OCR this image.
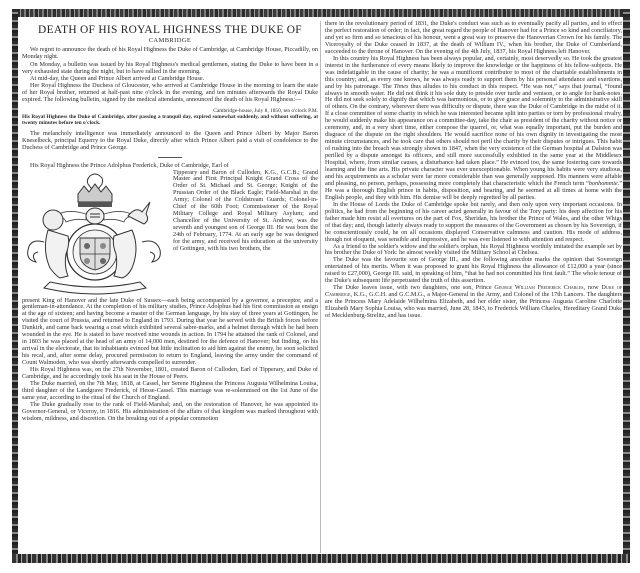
DEATH OF HIS ROYAL HIGHNESS THE DUKE OF
CAMBRIDGE

We regret to announce the death of his Royal Highness the Duke of Cambridge, at Cambridge House, Piccadilly, on Monday night.

On Monday, a bulletin was issued by his Royal Highness's medical gentlemen, stating the Duke to have been in a very exhausted state during the night, but to have rallied in the morning.

At mid-day, the Queen and Prince Albert arrived at Cambridge House.

Her Royal Highness the Duchess of Gloucester, who arrived at Cambridge House in the morning to learn the state of her Royal brother, returned at half-past nine o'clock in the evening, and ten minutes afterwards the Royal Duke expired. The following bulletin, signed by the medical attendants, announced the death of his Royal Highness:—

Cambridge-house, July 8, 1850, ten o'clock P.M.
His Royal Highness the Duke of Cambridge, after passing a tranquil day, expired somewhat suddenly, and without suffering, at twenty minutes before ten o'clock.

The melancholy intelligence was immediately announced to the Queen and Prince Albert by Major Baron Kneselbeck, principal Equerry to the Royal Duke, directly after which Prince Albert paid a visit of condolence to the Duchess of Cambridge and Prince George.

His Royal Highness the Prince Adolphus Frederick, Duke of Cambridge, Earl of

Tipperary and Baron of Culloden, K.G., G.C.B.; Grand Master and First Principal Knight Grand Cross of the Order of St. Michael and St. George; Knight of the Prussian Order of the Black Eagle; Field-Marshal in the Army; Colonel of the Coldstream Guards; Colonel-in-Chief of the 60th Foot; Commissioner of the Royal Military College and Royal Military Asylum; and Chancellor of the University of St. Andrew, was the seventh and youngest son of George III. He was born the 24th of February, 1774. At an early age he was designed for the army, and received his education at the university of Gottingen, with his two brothers, the

present King of Hanover and the late Duke of Sussex—each being accompanied by a governor, a preceptor, and a gentleman-in-attendance. At the completion of his military studies, Prince Adolphus had his first commission as ensign at the age of sixteen; and having become a master of the German language, by his stay of three years at Gottingen, he visited the court of Prussia, and returned to England in 1793. During that year he served with the British forces before Dunkirk, and came back wearing a coat which exhibited several sabre-marks, and a helmet through which he had been wounded in the eye. He is stated to have received nine wounds in action. In 1794 he attained the rank of Colonel, and in 1803 he was placed at the head of an army of 14,000 men, destined for the defence of Hanover; but finding, on his arrival in the electorate, that its inhabitants evinced but little inclination to aid him against the enemy, he soon solicited his recal, and, after some delay, procured permission to return to England, leaving the army under the command of Count Walmoden, who was shortly afterwards compelled to surrender.

His Royal Highness was, on the 27th November, 1801, created Baron of Culloden, Earl of Tipperary, and Duke of Cambridge, and he accordingly took his seat in the House of Peers.

The Duke married, on the 7th May, 1818, at Cassel, her Serene Highness the Princess Augusta Wilhelmina Louisa, third daughter of the Landgrave Frederick, of Hesse-Cassel. This marriage was re-solemnised on the 1st June of the same year, according to the ritual of the Church of England.

The Duke gradually rose to the rank of Field-Marshal; and, on the restoration of Hanover, he was appointed its Governor-General, or Viceroy, in 1816. His administration of the affairs of that kingdom was marked throughout with wisdom, mildness, and discretion. On the breaking out of a popular commotion

there in the revolutionary period of 1831, the Duke's conduct was such as to eventually pacify all parties, and to effect the perfect restoration of order; in fact, the great regard the people of Hanover had for a Prince so kind and conciliatory, and yet so firm and so tenacious of his honour, went a great way to preserve the Hanoverian Crown for his family. The Viceroyalty of the Duke ceased in 1837, at the death of William IV., when his brother, the Duke of Cumberland, succeeded to the throne of Hanover. On the evening of the 4th July, 1837, his Royal Highness left Hanover.

In this country his Royal Highness has been always popular, and, certainly, most deservedly so. He took the greatest interest in the furtherance of every means likely to improve the knowledge or the happiness of his fellow-subjects. He was indefatigable in the cause of charity; he was a munificent contributor to most of the charitable establishments in this country; and, as every one knows, he was always ready to support them by his personal attendance and exertions, and by his patronage. The Times thus alludes to his conduct in this respect. “He was not,” says that journal, “found always in smooth water. He did not think it his sole duty to preside over turtle and venison, or to angle for bank-notes. He did not seek solely to dignify that which was harmonious, or to give grace and solemnity to the administrative skill of others. On the contrary, wherever there was difficulty or dispute, there was the Duke of Cambridge in the midst of it. If a close committee of some charity in which he was interested became split into parties or torn by professional rivalry, he would suddenly make his appearance on a committee-day, take the chair as president of the charity without notice or ceremony, and, in a very short time, either compose the quarrel, or, what was equally important, put the burden and disgrace of the dispute on the right shoulders. He would sacrifice none of his own dignity in investigating the most minute circumstances, and he took care that others should not peril the charity by their disputes or intrigues. This habit of rushing into the breach was strongly shown in 1847, when the very existence of the German hospital at Dalston was perilled by a dispute amongst its officers, and still more successfully exhibited in the same year at the Middlesex Hospital, where, from similar causes, a disturbance had taken place.” He evinced too, the same fostering care towards learning and the fine arts. His private character was ever unexceptionable. When young his habits were very studious, and his acquirements as a scholar were far more considerable than was generally supposed. His manners were affable and pleasing, no person, perhaps, possessing more completely that characteristic which the French term “bonhommie.” He was a thorough English prince in habits, disposition, and bearing, and he seemed at all times at home with the English people, and they with him. His demise will be deeply regretted by all parties.

In the House of Lords the Duke of Cambridge spoke but rarely, and then only upon very important occasions. In politics, he had from the beginning of his career acted generally in favour of the Tory party: his deep affection for his father made him resist all overtures on the part of Fox, Sheridan, his brother the Prince of Wales, and the other Whigs of that day; and, though latterly always ready to support the measures of the Government as chosen by his Sovereign, if he conscientiously could, he on all occasions displayed Conservative calmness and caution. His mode of address, though not eloquent, was sensible and impressive, and he was ever listened to with attention and respect.

As a friend to the soldier's widow and the soldier's orphan, his Royal Highness worthily imitated the example set by his brother the Duke of York: he almost weekly visited the Military School at Chelsea.

The Duke was the favourite son of George III., and the following anecdote marks the opinion that Sovereign entertained of his merits. When it was proposed to grant his Royal Highness the allowance of £12,000 a year (since raised to £27,000), George III. said, in speaking of him, “that he had not committed his first fault.” The whole tenour of the Duke's subsequent life perpetuated the truth of this assertion.

The Duke leaves issue, with two daughters, one son, Prince George William Frederick Charles, now Duke of Cambridge, K.G., G.C.H. and G.C.M.G., a Major-General in the Army, and Colonel of the 17th Lancers. The daughters are the Princess Mary Adelaide Wilhelmina Elizabeth, and her elder sister, the Princess Augusta Caroline Charlotte Elizabeth Mary Sophia Louisa, who was married, June 28, 1843, to Frederick William Charles, Hereditary Grand Duke of Mecklenburg-Strelitz, and has issue.
